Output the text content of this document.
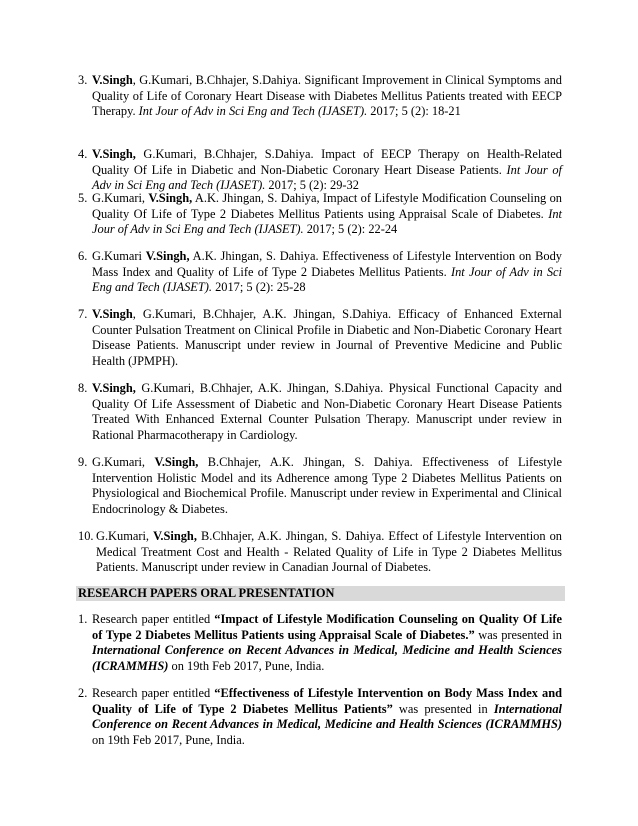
3. V.Singh, G.Kumari, B.Chhajer, S.Dahiya. Significant Improvement in Clinical Symptoms and Quality of Life of Coronary Heart Disease with Diabetes Mellitus Patients treated with EECP Therapy. Int Jour of Adv in Sci Eng and Tech (IJASET). 2017; 5 (2): 18-21
4. V.Singh, G.Kumari, B.Chhajer, S.Dahiya. Impact of EECP Therapy on Health-Related Quality Of Life in Diabetic and Non-Diabetic Coronary Heart Disease Patients. Int Jour of Adv in Sci Eng and Tech (IJASET). 2017; 5 (2): 29-32
5. G.Kumari, V.Singh, A.K. Jhingan, S. Dahiya, Impact of Lifestyle Modification Counseling on Quality Of Life of Type 2 Diabetes Mellitus Patients using Appraisal Scale of Diabetes. Int Jour of Adv in Sci Eng and Tech (IJASET). 2017; 5 (2): 22-24
6. G.Kumari V.Singh, A.K. Jhingan, S. Dahiya. Effectiveness of Lifestyle Intervention on Body Mass Index and Quality of Life of Type 2 Diabetes Mellitus Patients. Int Jour of Adv in Sci Eng and Tech (IJASET). 2017; 5 (2): 25-28
7. V.Singh, G.Kumari, B.Chhajer, A.K. Jhingan, S.Dahiya. Efficacy of Enhanced External Counter Pulsation Treatment on Clinical Profile in Diabetic and Non-Diabetic Coronary Heart Disease Patients. Manuscript under review in Journal of Preventive Medicine and Public Health (JPMPH).
8. V.Singh, G.Kumari, B.Chhajer, A.K. Jhingan, S.Dahiya. Physical Functional Capacity and Quality Of Life Assessment of Diabetic and Non-Diabetic Coronary Heart Disease Patients Treated With Enhanced External Counter Pulsation Therapy. Manuscript under review in Rational Pharmacotherapy in Cardiology.
9. G.Kumari, V.Singh, B.Chhajer, A.K. Jhingan, S. Dahiya. Effectiveness of Lifestyle Intervention Holistic Model and its Adherence among Type 2 Diabetes Mellitus Patients on Physiological and Biochemical Profile. Manuscript under review in Experimental and Clinical Endocrinology & Diabetes.
10. G.Kumari, V.Singh, B.Chhajer, A.K. Jhingan, S. Dahiya. Effect of Lifestyle Intervention on Medical Treatment Cost and Health - Related Quality of Life in Type 2 Diabetes Mellitus Patients. Manuscript under review in Canadian Journal of Diabetes.
RESEARCH PAPERS ORAL PRESENTATION
1. Research paper entitled “Impact of Lifestyle Modification Counseling on Quality Of Life of Type 2 Diabetes Mellitus Patients using Appraisal Scale of Diabetes.” was presented in International Conference on Recent Advances in Medical, Medicine and Health Sciences (ICRAMMHS) on 19th Feb 2017, Pune, India.
2. Research paper entitled “Effectiveness of Lifestyle Intervention on Body Mass Index and Quality of Life of Type 2 Diabetes Mellitus Patients” was presented in International Conference on Recent Advances in Medical, Medicine and Health Sciences (ICRAMMHS) on 19th Feb 2017, Pune, India.
